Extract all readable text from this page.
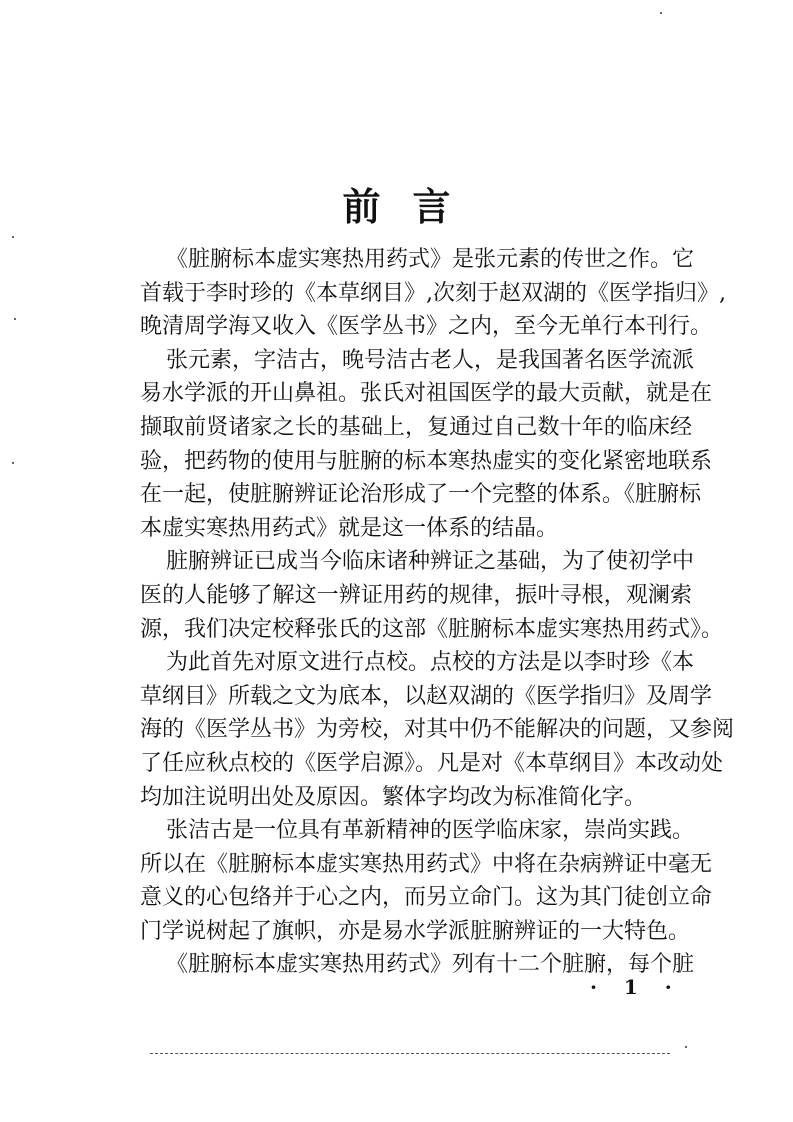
前言
《脏腑标本虚实寒热用药式》是张元素的传世之作。它
首载于李时珍的《本草纲目》,次刻于赵双湖的《医学指归》,
晚清周学海又收入《医学丛书》之内，至今无单行本刊行。
张元素，字洁古，晚号洁古老人，是我国著名医学流派
易水学派的开山鼻祖。张氏对祖国医学的最大贡献，就是在
撷取前贤诸家之长的基础上，复通过自己数十年的临床经
验，把药物的使用与脏腑的标本寒热虚实的变化紧密地联系
在一起，使脏腑辨证论治形成了一个完整的体系。《脏腑标
本虚实寒热用药式》就是这一体系的结晶。
脏腑辨证已成当今临床诸种辨证之基础，为了使初学中
医的人能够了解这一辨证用药的规律，振叶寻根，观澜索
源，我们决定校释张氏的这部《脏腑标本虚实寒热用药式》。
为此首先对原文进行点校。点校的方法是以李时珍《本
草纲目》所载之文为底本，以赵双湖的《医学指归》及周学
海的《医学丛书》为旁校，对其中仍不能解决的问题，又参阅
了任应秋点校的《医学启源》。凡是对《本草纲目》本改动处
均加注说明出处及原因。繁体字均改为标准简化字。
张洁古是一位具有革新精神的医学临床家，崇尚实践。
所以在《脏腑标本虚实寒热用药式》中将在杂病辨证中毫无
意义的心包络并于心之内，而另立命门。这为其门徒创立命
门学说树起了旗帜，亦是易水学派脏腑辨证的一大特色。
《脏腑标本虚实寒热用药式》列有十二个脏腑，每个脏
· 1 ·
